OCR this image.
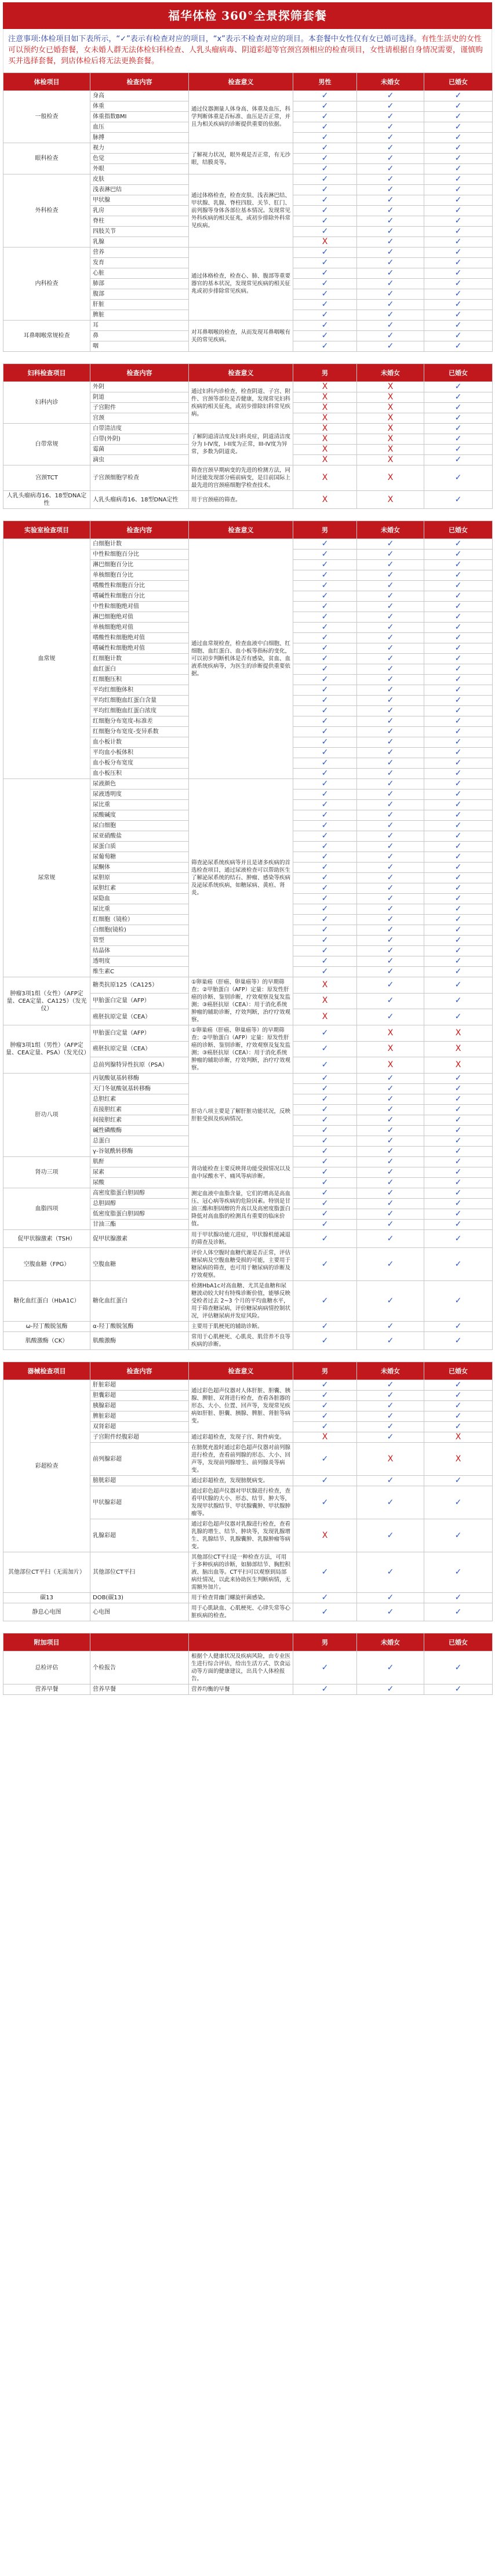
福华体检 360°全景探筛套餐
注意事项:体检项目如下表所示，“✓”表示有检查对应的项目，“x”表示不检查对应的项目。本套餐中女性仅有女已婚可选择。有性生活史的女性可以预约女已婚套餐，女未婚人群无法体检妇科检查、人乳头瘤病毒、阴道彩超等官颈宫颈相应的检查项目，女性请根据自身情况需要，谨慎购买并选择套餐，到店体检后将无法更换套餐。
体检项目	检查内容	检查意义	男性	未婚女	已婚女
一般检查	身高	通过仪器测量人体身高、体重及血压，科学判断体重是否标准、血压是否正常，并且为相关疾病的诊断提供重要的依据。	✓	✓	✓
	体重		✓	✓	✓
	体重指数BMI		✓	✓	✓
	血压		✓	✓	✓
	脉搏		✓	✓	✓
眼科检查	视力	了解视力状况，眼外观是否正常，有无沙眼，结膜炎等。	✓	✓	✓
	色觉		✓	✓	✓
	外眼		✓	✓	✓
外科检查	皮肤	通过体格检查，检查皮肤、浅表淋巴结、甲状腺、乳腺、脊柱四肢、关节、肛门、前列腺等身体各部位基本情况。发现常见外科疾病的相关征兆，或初步排除外科常见疾病。	✓	✓	✓
	浅表淋巴结		✓	✓	✓
	甲状腺		✓	✓	✓
	乳房		✓	✓	✓
	脊柱		✓	✓	✓
	四肢关节		✓	✓	✓
	乳腺		X	✓	✓
内科检查	营养	通过体格检查，检查心、肺、腹部等重要器官的基本状况，发现常见疾病的相关征兆或初步排除常见疾病。	✓	✓	✓
	发育		✓	✓	✓
	心脏		✓	✓	✓
	肺部		✓	✓	✓
	腹部		✓	✓	✓
	肝脏		✓	✓	✓
	脾脏		✓	✓	✓
耳鼻咽喉常规检查	耳	对耳鼻咽喉的检查，从而发现耳鼻咽喉有关的常见疾病。	✓	✓	✓
	鼻		✓	✓	✓
	咽		✓	✓	✓

妇科检查项目	检查内容	检查意义	男	未婚女	已婚女
妇科内诊	外阴	通过妇科内诊检查，检查阴道、子宫、附件、宫颈等部位是否健康，发现常见妇科疾病的相关征兆，或初步排除妇科常见疾病。	X	X	✓
	阴道		X	X	✓
	子宫附件		X	X	✓
	宫颈		X	X	✓
白带常规	白带清洁度	了解阴道清洁度及妇科炎症，阴道清洁度分为 I-IV度，I-II度为正常，III-IV度为异常，多数为阴道炎。	X	X	✓
	白带(外阴)		X	X	✓
	霉菌		X	X	✓
	滴虫		X	X	✓
宫颈TCT	子宫颈细胞学检查	筛查宫颈早期病变的先进的检测方法，同时还能发现部分癌前病变，是目前国际上最先进的宫颈癌细胞学检查技术。	X	X	✓
人乳头瘤病毒16、18型DNA定性	人乳头瘤病毒16、18型DNA定性	用于宫颈癌的筛查。	X	X	✓

实验室检查项目	检查内容	检查意义	男	未婚女	已婚女
血常规	白细胞计数	通过血常规检查，检查血液中白细胞、红细胞、血红蛋白、血小板等指标的变化，可以初步判断机体是否有感染，贫血、血液系统疾病等，为医生的诊断提供重要依据。	✓	✓	✓
	中性粒细胞百分比		✓	✓	✓
	淋巴细胞百分比		✓	✓	✓
	单核细胞百分比		✓	✓	✓
	嗜酸性粒细胞百分比		✓	✓	✓
	嗜碱性粒细胞百分比		✓	✓	✓
	中性粒细胞绝对值		✓	✓	✓
	淋巴细胞绝对值		✓	✓	✓
	单核细胞绝对值		✓	✓	✓
	嗜酸性粒细胞绝对值		✓	✓	✓
	嗜碱性粒细胞绝对值		✓	✓	✓
	红细胞计数		✓	✓	✓
	血红蛋白		✓	✓	✓
	红细胞压积		✓	✓	✓
	平均红细胞体积		✓	✓	✓
	平均红细胞血红蛋白含量		✓	✓	✓
	平均红细胞血红蛋白浓度		✓	✓	✓
	红细胞分布宽度-标准差		✓	✓	✓
	红细胞分布宽度-变异系数		✓	✓	✓
	血小板计数		✓	✓	✓
	平均血小板体积		✓	✓	✓
	血小板分布宽度		✓	✓	✓
	血小板压积		✓	✓	✓
尿常规	尿液颜色	筛查泌尿系统疾病等并且是诸多疾病的首选检查项目，通过尿液检查可以帮助医生了解泌尿系统的结石、肿瘤、感染等疾病及泌尿系统疾病，如糖尿病、黄疸、肾炎。	✓	✓	✓
	尿液透明度		✓	✓	✓
	尿比重		✓	✓	✓
	尿酸碱度		✓	✓	✓
	尿白细胞		✓	✓	✓
	尿亚硝酸盐		✓	✓	✓
	尿蛋白质		✓	✓	✓
	尿葡萄糖		✓	✓	✓
	尿酮体		✓	✓	✓
	尿胆原		✓	✓	✓
	尿胆红素		✓	✓	✓
	尿隐血		✓	✓	✓
	尿比重		✓	✓	✓
	红细胞（镜检）		✓	✓	✓
	白细胞(镜检)		✓	✓	✓
	管型		✓	✓	✓
	结晶体		✓	✓	✓
	透明度		✓	✓	✓
	维生素C		✓	✓	✓
肿瘤3项1组（女性）（AFP定量、CEA定量、CA125）（发光仪）	糖类抗原125（CA125）	①卵巢癌（肝癌、卵巢癌等）的早期筛查；②甲胎蛋白（AFP）定量：原发性肝癌的诊断、鉴别诊断，疗效观察及复发监测；③癌胚抗原（CEA）：用于消化系统肿瘤的辅助诊断，疗效判断，治疗疗效观察。	X	✓	✓
	甲胎蛋白定量（AFP）		X	✓	✓
	癌胚抗原定量（CEA）		X	✓	✓
肿瘤3项1组（男性）（AFP定量、CEA定量、PSA）（发光仪）	甲胎蛋白定量（AFP）	①卵巢癌（肝癌、卵巢癌等）的早期筛查；②甲胎蛋白（AFP）定量：原发性肝癌的诊断、鉴别诊断，疗效观察及复发监测；③癌胚抗原（CEA）：用于消化系统肿瘤的辅助诊断，疗效判断，治疗疗效观察。	✓	X	X
	癌胚抗原定量（CEA）		✓	X	X
	总前列腺特异性抗原（PSA）		✓	X	X
肝功八项	丙氨酸氨基转移酶	肝功八项主要是了解肝脏功能状况，反映肝脏受损及疾病情况。	✓	✓	✓
	天门冬氨酸氨基转移酶		✓	✓	✓
	总胆红素		✓	✓	✓
	直接胆红素		✓	✓	✓
	间接胆红素		✓	✓	✓
	碱性磷酸酶		✓	✓	✓
	总蛋白		✓	✓	✓
	γ-谷氨酰转移酶		✓	✓	✓
肾功三项	肌酐	肾功能检查主要反映肾功能受损情况以及血中尿酸水平、痛风等病诊断。	✓	✓	✓
	尿素		✓	✓	✓
	尿酸		✓	✓	✓
血脂四项	高密度脂蛋白胆固醇	测定血液中血脂含量，它们的增高是高血压、冠心病等疾病的危险因素。特别是甘油三酯和胆固醇的升高以及高密度脂蛋白降低对高血脂的检测具有重要的临床价值。	✓	✓	✓
	总胆固醇		✓	✓	✓
	低密度脂蛋白胆固醇		✓	✓	✓
	甘油三酯		✓	✓	✓
促甲状腺激素（TSH）	促甲状腺激素	用于甲状腺功能亢进症，甲状腺机能减退的筛查及诊断。	✓	✓	✓
空腹血糖（FPG）	空腹血糖	评价人体空腹时血糖代谢是否正常，评估糖尿病及空腹血糖受损的可能，主要用于糖尿病的筛查，也可用于糖尿病的诊断及疗效观察。	✓	✓	✓
糖化血红蛋白（HbA1C）	糖化血红蛋白	检测HbA1c对高血糖、尤其是血糖和尿糖波动较大时有特殊诊断价值，能够反映受检者过去 2~3 个月的平均血糖水平，用于筛查糖尿病，评价糖尿病病情控制状况，评估糖尿病并发症风险。	✓	✓	✓
ω-羟丁酸脱氢酶	α-羟丁酸脱氢酶	主要用于肌梗死的辅助诊断。	✓	✓	✓
肌酸激酶（CK）	肌酸激酶	常用于心肌梗死、心肌炎、肌营养不良等疾病的诊断。	✓	✓	✓

器械检查项目	检查内容	检查意义	男	未婚女	已婚女
彩超检查	肝脏彩超	通过彩色超声仪器对人体肝脏、胆囊、胰腺、脾脏、双肾进行检查，查看各脏器的形态、大小、位置、回声等，发现常见疾病如肝脏、胆囊、胰腺、脾脏、肾脏等病变。	✓	✓	✓
	胆囊彩超		✓	✓	✓
	胰腺彩超		✓	✓	✓
	脾脏彩超		✓	✓	✓
	双肾彩超		✓	✓	✓
	子宫附件经腹彩超	通过彩超检查，发现子宫、附件病变。	X	✓	X
	前列腺彩超	在膀胱充盈时通过彩色超声仪器对前列腺进行检查，查看前列腺的形态、大小、回声等，发现前列腺增生、前列腺炎等病变。	✓	X	X
	膀胱彩超	通过彩超检查，发现膀胱病变。	✓	✓	✓
	甲状腺彩超	通过彩色超声仪器对甲状腺进行检查，查看甲状腺的大小、形态、结节、肿大等，发现甲状腺结节、甲状腺囊肿、甲状腺肿瘤等。	✓	✓	✓
	乳腺彩超	通过彩色超声仪器对乳腺进行检查，查看乳腺的增生、结节、肿块等，发现乳腺增生、乳腺结节、乳腺囊肿、乳腺肿瘤等病变。	X	✓	✓
其他部位CT平扫（无需加片）	其他部位CT平扫	其他部位CT平扫是一种检查方法，可用于多种疾病的诊断，如肺部结节、胸腔积液、脑出血等。CT平扫可以观察到局部病灶情况，以此来协助医生判断病情，无需额外加片。	✓	✓	✓
碳13	DOB(碳13)	用于检查胃幽门螺旋杆菌感染。	✓	✓	✓
静息心电图	心电图	用于心肌缺血、心肌梗死、心律失常等心脏疾病的检查。	✓	✓	✓

附加项目			男	未婚女	已婚女
总检评估	个检报告	根据个人健康状况及疾病风险，由专业医生进行综合评估，给出生活方式、饮食运动等方面的健康建议，出具个人体检报告。	✓	✓	✓
营养早餐	营养早餐	营养均衡的早餐	✓	✓	✓
